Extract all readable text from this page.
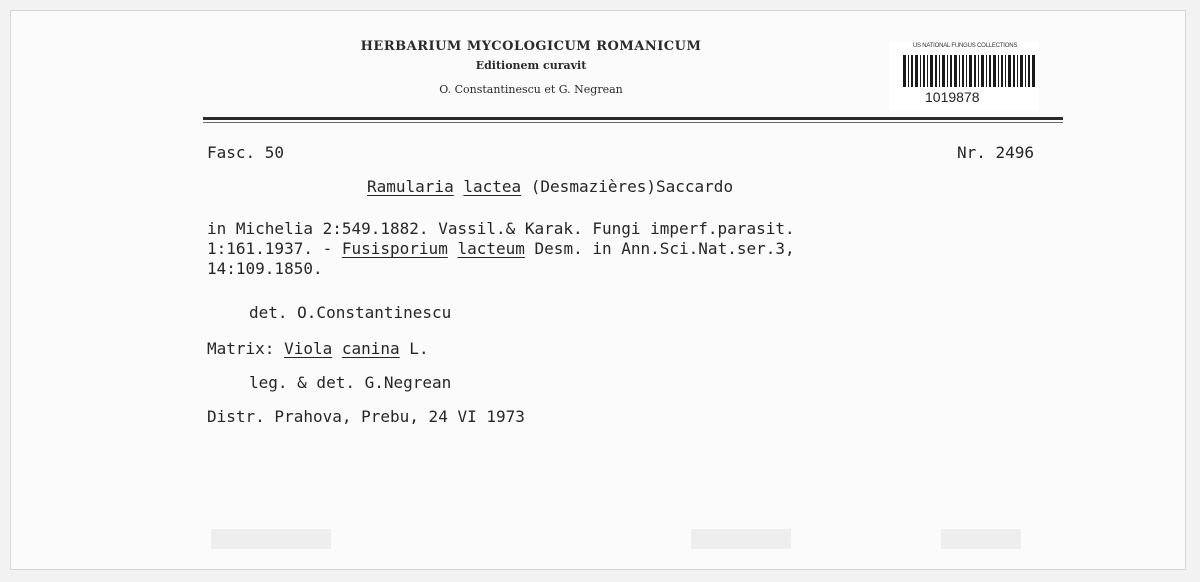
HERBARIUM MYCOLOGICUM ROMANICUM
Editionem curavit
O. Constantinescu et G. Negrean
US NATIONAL FUNGUS COLLECTIONS
1019878
Fasc. 50	Nr. 2496
Ramularia lactea (Desmazières)Saccardo
in Michelia 2:549.1882. Vassil.& Karak. Fungi imperf.parasit.
1:161.1937. - Fusisporium lacteum Desm. in Ann.Sci.Nat.ser.3,
14:109.1850.
det. O.Constantinescu
Matrix: Viola canina L.
leg. & det. G.Negrean
Distr. Prahova, Prebu, 24 VI 1973
